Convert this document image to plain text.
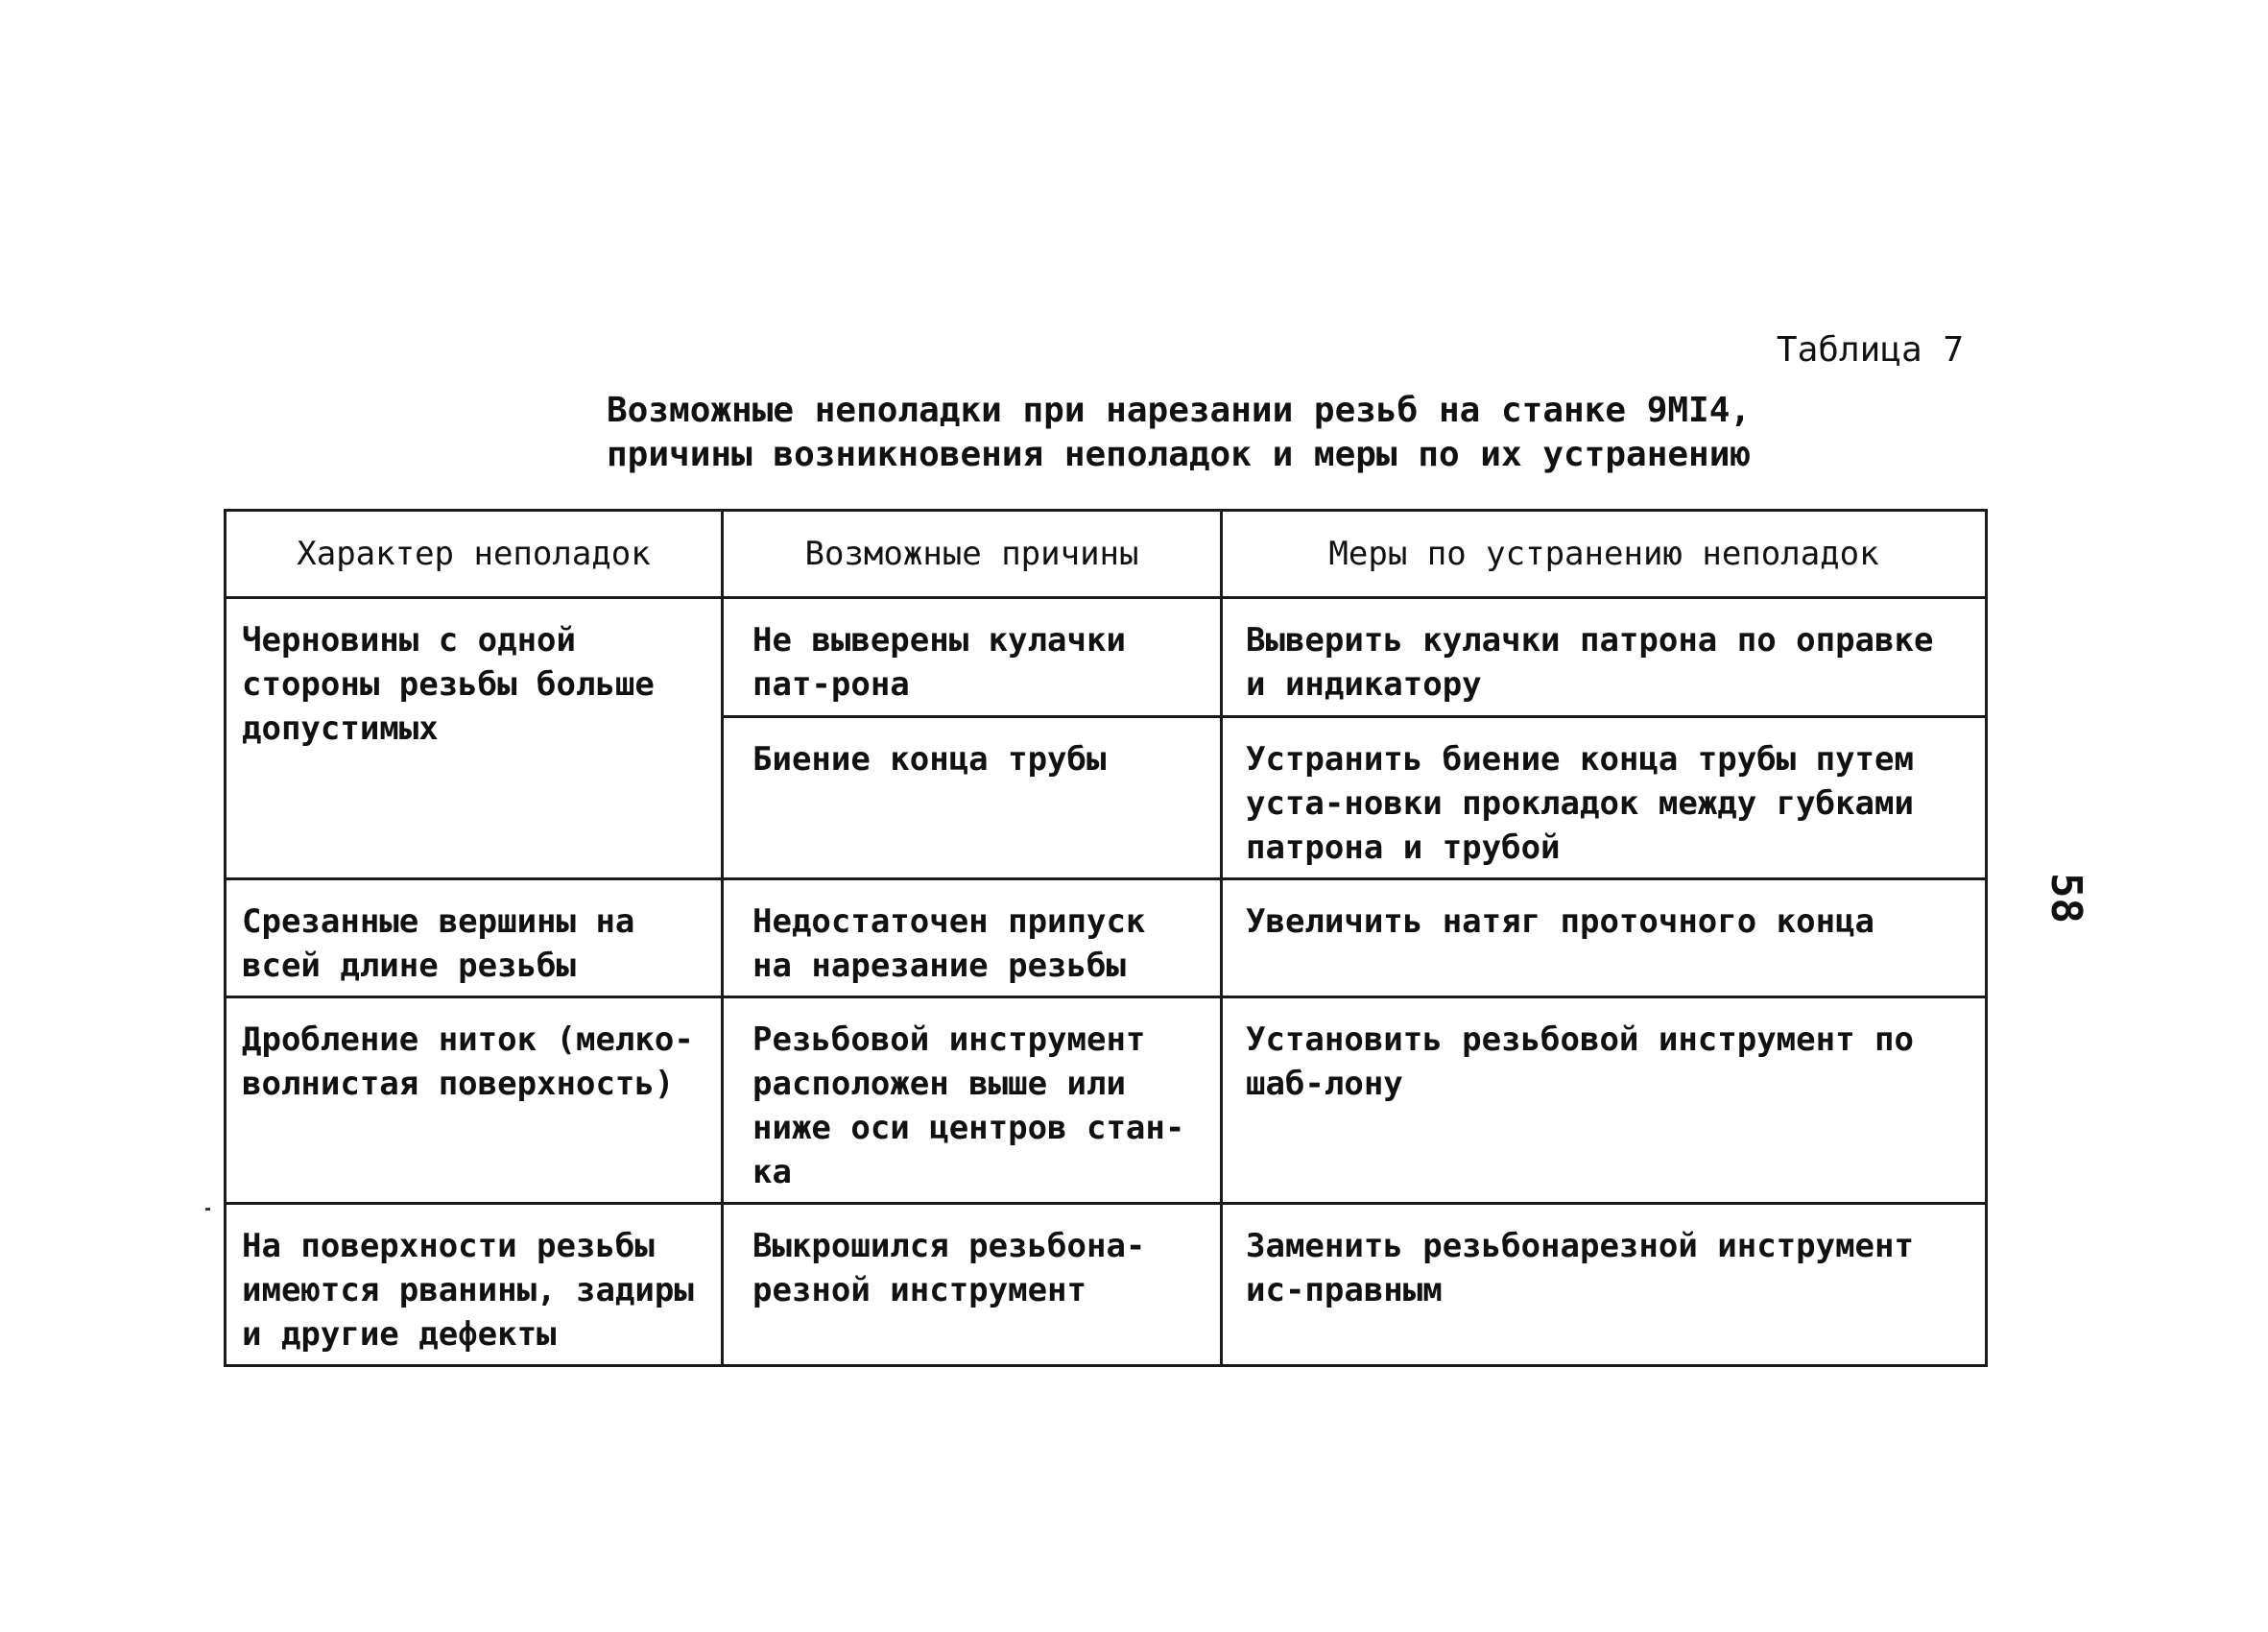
Таблица 7
Возможные неполадки при нарезании резьб на станке 9МI4,
причины возникновения неполадок и меры по их устранению
Характер неполадок	Возможные причины	Меры по устранению неполадок
Черновины с одной стороны резьбы больше допустимых	Не выверены кулачки пат-рона	Выверить кулачки патрона по оправке и индикатору
	Биение конца трубы	Устранить биение конца трубы путем уста-новки прокладок между губками патрона и трубой
Срезанные вершины на всей длине резьбы	Недостаточен припуск на нарезание резьбы	Увеличить натяг проточного конца
Дробление ниток (мелко-волнистая поверхность)	Резьбовой инструмент расположен выше или ниже оси центров стан-ка	Установить резьбовой инструмент по шаб-лону
На поверхности резьбы имеются рванины, задиры и другие дефекты	Выкрошился резьбона-резной инструмент	Заменить резьбонарезной инструмент ис-правным
58
